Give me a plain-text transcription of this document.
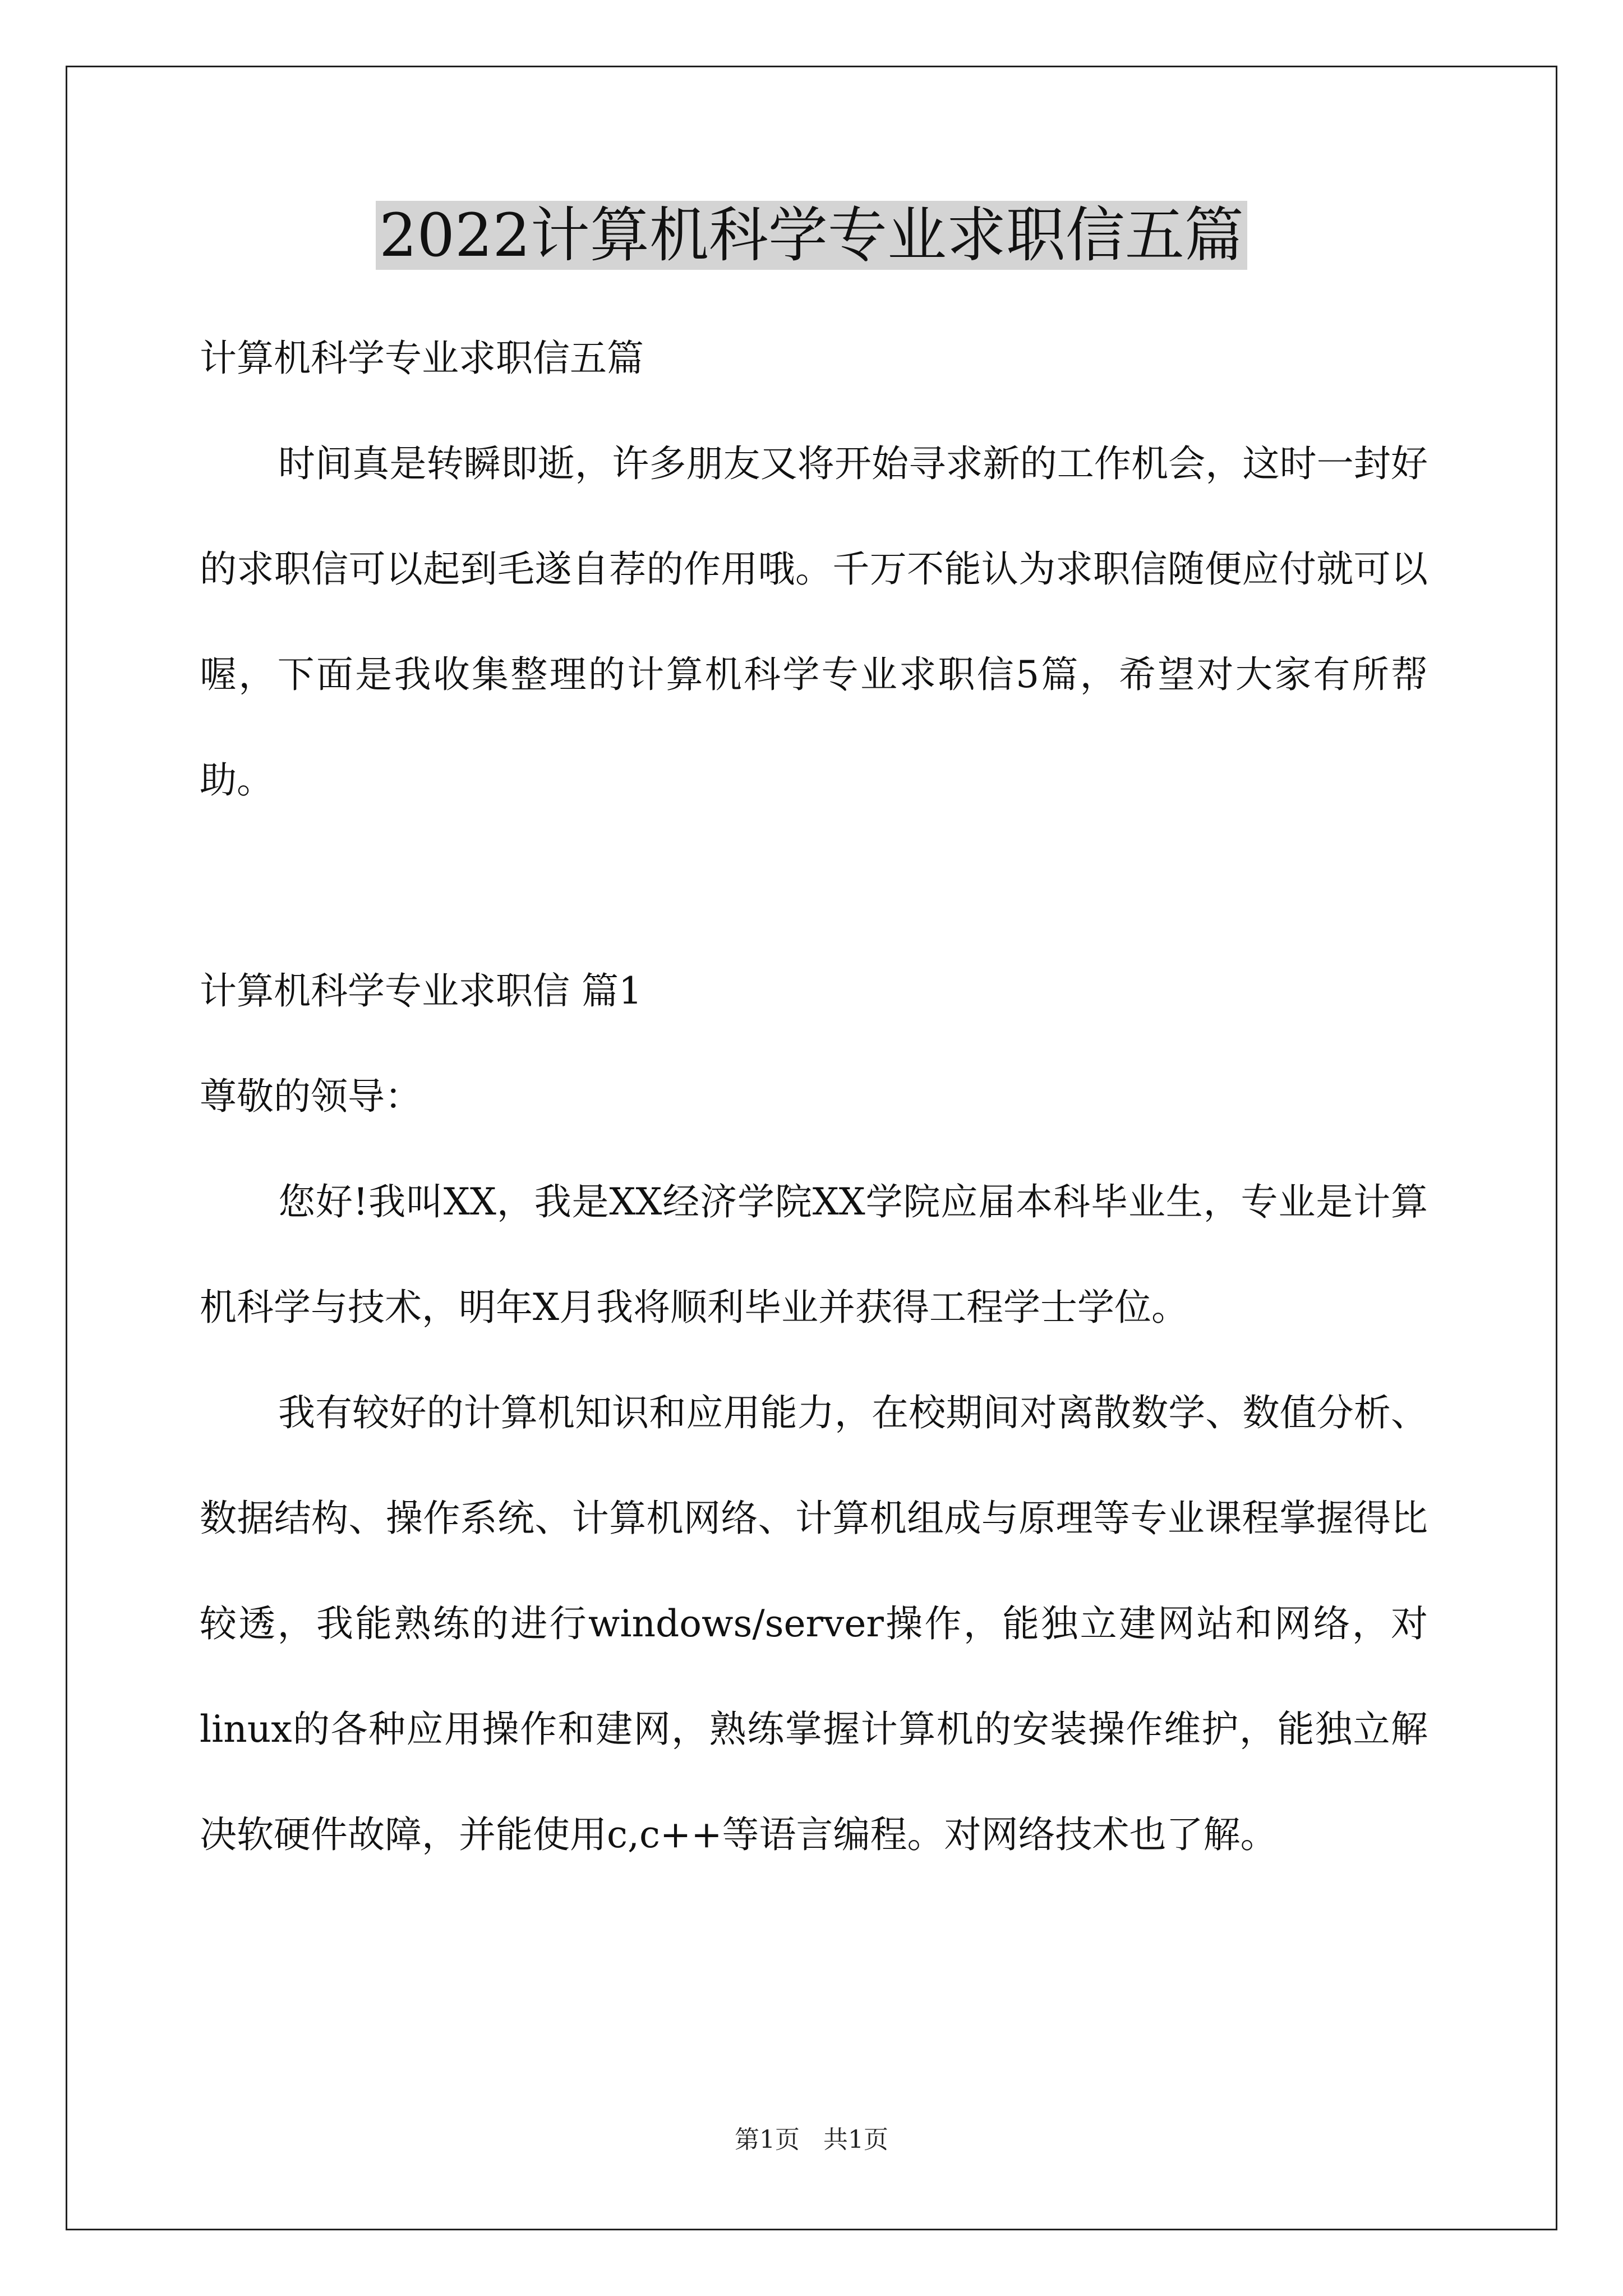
2022计算机科学专业求职信五篇

计算机科学专业求职信五篇

时间真是转瞬即逝，许多朋友又将开始寻求新的工作机会，这时一封好的求职信可以起到毛遂自荐的作用哦。千万不能认为求职信随便应付就可以喔，下面是我收集整理的计算机科学专业求职信5篇，希望对大家有所帮助。

计算机科学专业求职信 篇1

尊敬的领导：

您好!我叫XX，我是XX经济学院XX学院应届本科毕业生，专业是计算机科学与技术，明年X月我将顺利毕业并获得工程学士学位。

我有较好的计算机知识和应用能力，在校期间对离散数学、数值分析、数据结构、操作系统、计算机网络、计算机组成与原理等专业课程掌握得比较透，我能熟练的进行windows/server操作，能独立建网站和网络，对linux的各种应用操作和建网，熟练掌握计算机的安装操作维护，能独立解决软硬件故障，并能使用c,c++等语言编程。对网络技术也了解。

第1页 共1页
